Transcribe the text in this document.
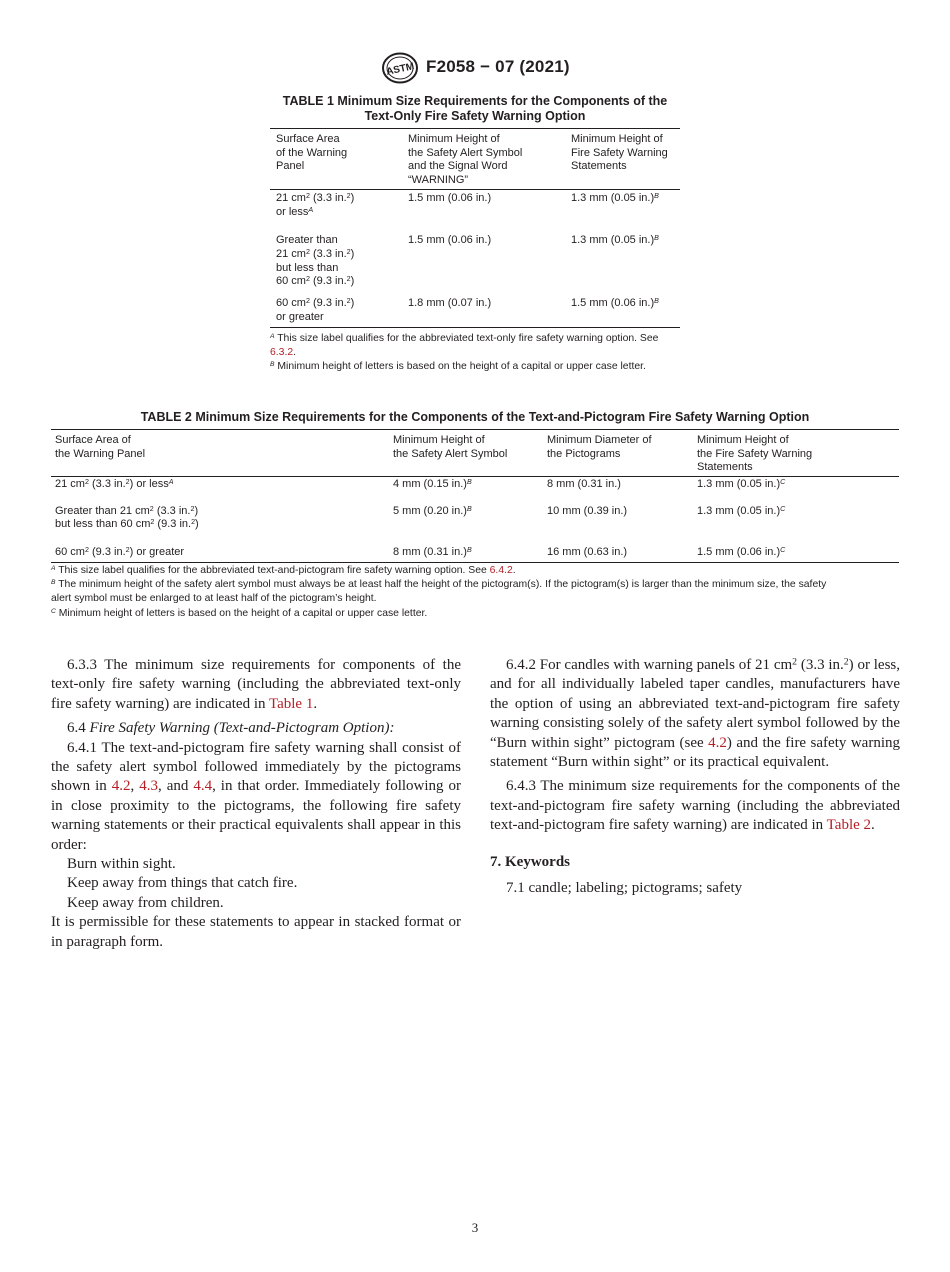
ASTM F2058 − 07 (2021)
TABLE 1 Minimum Size Requirements for the Components of the
Text-Only Fire Safety Warning Option
Surface Area
of the Warning
Panel	Minimum Height of
the Safety Alert Symbol
and the Signal Word
“WARNING”	Minimum Height of
Fire Safety Warning
Statements
21 $cm^2$ (3.3 in.$^2$)
or less$^A$	1.5 mm (0.06 in.)	1.3 mm (0.05 in.)$^B$
Greater than
21 $cm^2$ (3.3 in.$^2$)
but less than
60 $cm^2$ (9.3 in.$^2$)	1.5 mm (0.06 in.)	1.3 mm (0.05 in.)$^B$
60 $cm^2$ (9.3 in.$^2$)
or greater	1.8 mm (0.07 in.)	1.5 mm (0.06 in.)$^B$
$^A$ This size label qualifies for the abbreviated text-only fire safety warning option. See 6.3.2.
$^B$ Minimum height of letters is based on the height of a capital or upper case letter.
TABLE 2 Minimum Size Requirements for the Components of the Text-and-Pictogram Fire Safety Warning Option
Surface Area of
the Warning Panel	Minimum Height of
the Safety Alert Symbol	Minimum Diameter of
the Pictograms	Minimum Height of
the Fire Safety Warning
Statements
21 $cm^2$ (3.3 in.$^2$) or less$^A$	4 mm (0.15 in.)$^B$	8 mm (0.31 in.)	1.3 mm (0.05 in.)$^C$
Greater than 21 $cm^2$ (3.3 in.$^2$)
but less than 60 $cm^2$ (9.3 in.$^2$)	5 mm (0.20 in.)$^B$	10 mm (0.39 in.)	1.3 mm (0.05 in.)$^C$
60 $cm^2$ (9.3 in.$^2$) or greater	8 mm (0.31 in.)$^B$	16 mm (0.63 in.)	1.5 mm (0.06 in.)$^C$
$^A$ This size label qualifies for the abbreviated text-and-pictogram fire safety warning option. See 6.4.2.
$^B$ The minimum height of the safety alert symbol must always be at least half the height of the pictogram(s). If the pictogram(s) is larger than the minimum size, the safety
alert symbol must be enlarged to at least half of the pictogram’s height.
$^C$ Minimum height of letters is based on the height of a capital or upper case letter.

6.3.3 The minimum size requirements for components of the text-only fire safety warning (including the abbreviated text-only fire safety warning) are indicated in Table 1.

6.4 Fire Safety Warning (Text-and-Pictogram Option):

6.4.1 The text-and-pictogram fire safety warning shall consist of the safety alert symbol followed immediately by the pictograms shown in 4.2, 4.3, and 4.4, in that order. Immediately following or in close proximity to the pictograms, the following fire safety warning statements or their practical equivalents shall appear in this order:

Burn within sight.

Keep away from things that catch fire.

Keep away from children.

It is permissible for these statements to appear in stacked format or in paragraph form.

6.4.2 For candles with warning panels of 21 $cm^2$ (3.3 in.$^2$) or less, and for all individually labeled taper candles, manufacturers have the option of using an abbreviated text-and-pictogram fire safety warning consisting solely of the safety alert symbol followed by the “Burn within sight” pictogram (see 4.2) and the fire safety warning statement “Burn within sight” or its practical equivalent.

6.4.3 The minimum size requirements for the components of the text-and-pictogram fire safety warning (including the abbreviated text-and-pictogram fire safety warning) are indicated in Table 2.

7. Keywords

7.1 candle; labeling; pictograms; safety

3
